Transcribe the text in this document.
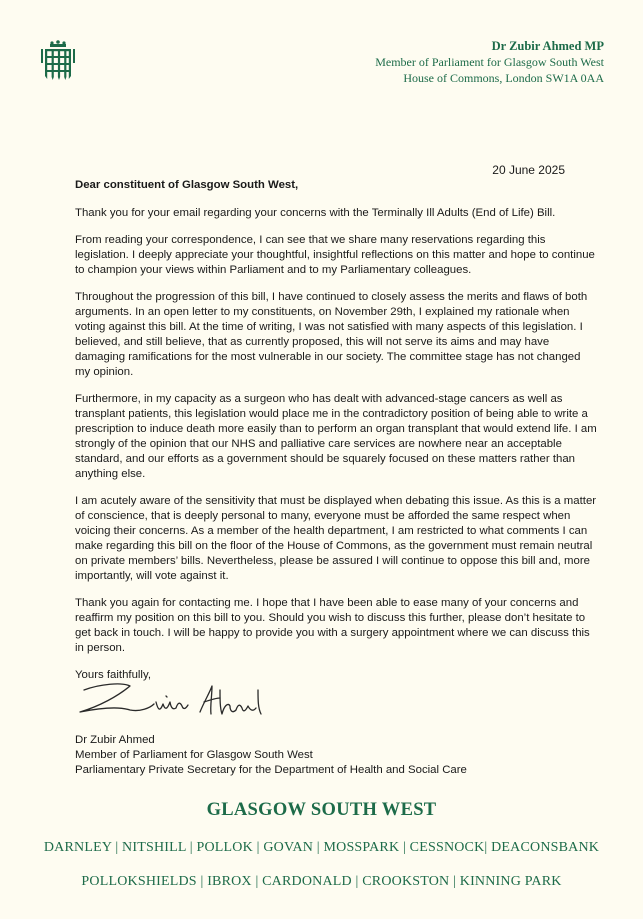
Dr Zubir Ahmed MP
Member of Parliament for Glasgow South West
House of Commons, London SW1A 0AA
20 June 2025

Dear constituent of Glasgow South West,

Thank you for your email regarding your concerns with the Terminally Ill Adults (End of Life) Bill.

From reading your correspondence, I can see that we share many reservations regarding this legislation. I deeply appreciate your thoughtful, insightful reflections on this matter and hope to continue to champion your views within Parliament and to my Parliamentary colleagues.

Throughout the progression of this bill, I have continued to closely assess the merits and flaws of both arguments. In an open letter to my constituents, on November 29th, I explained my rationale when voting against this bill. At the time of writing, I was not satisfied with many aspects of this legislation. I believed, and still believe, that as currently proposed, this will not serve its aims and may have damaging ramifications for the most vulnerable in our society. The committee stage has not changed my opinion.

Furthermore, in my capacity as a surgeon who has dealt with advanced-stage cancers as well as transplant patients, this legislation would place me in the contradictory position of being able to write a prescription to induce death more easily than to perform an organ transplant that would extend life. I am strongly of the opinion that our NHS and palliative care services are nowhere near an acceptable standard, and our efforts as a government should be squarely focused on these matters rather than anything else.

I am acutely aware of the sensitivity that must be displayed when debating this issue. As this is a matter of conscience, that is deeply personal to many, everyone must be afforded the same respect when voicing their concerns. As a member of the health department, I am restricted to what comments I can make regarding this bill on the floor of the House of Commons, as the government must remain neutral on private members’ bills. Nevertheless, please be assured I will continue to oppose this bill and, more importantly, will vote against it.

Thank you again for contacting me. I hope that I have been able to ease many of your concerns and reaffirm my position on this bill to you. Should you wish to discuss this further, please don’t hesitate to get back in touch. I will be happy to provide you with a surgery appointment where we can discuss this in person.

Yours faithfully,

Dr Zubir Ahmed
Member of Parliament for Glasgow South West
Parliamentary Private Secretary for the Department of Health and Social Care
GLASGOW SOUTH WEST
DARNLEY | NITSHILL | POLLOK | GOVAN | MOSSPARK | CESSNOCK| DEACONSBANK
POLLOKSHIELDS | IBROX | CARDONALD | CROOKSTON | KINNING PARK
